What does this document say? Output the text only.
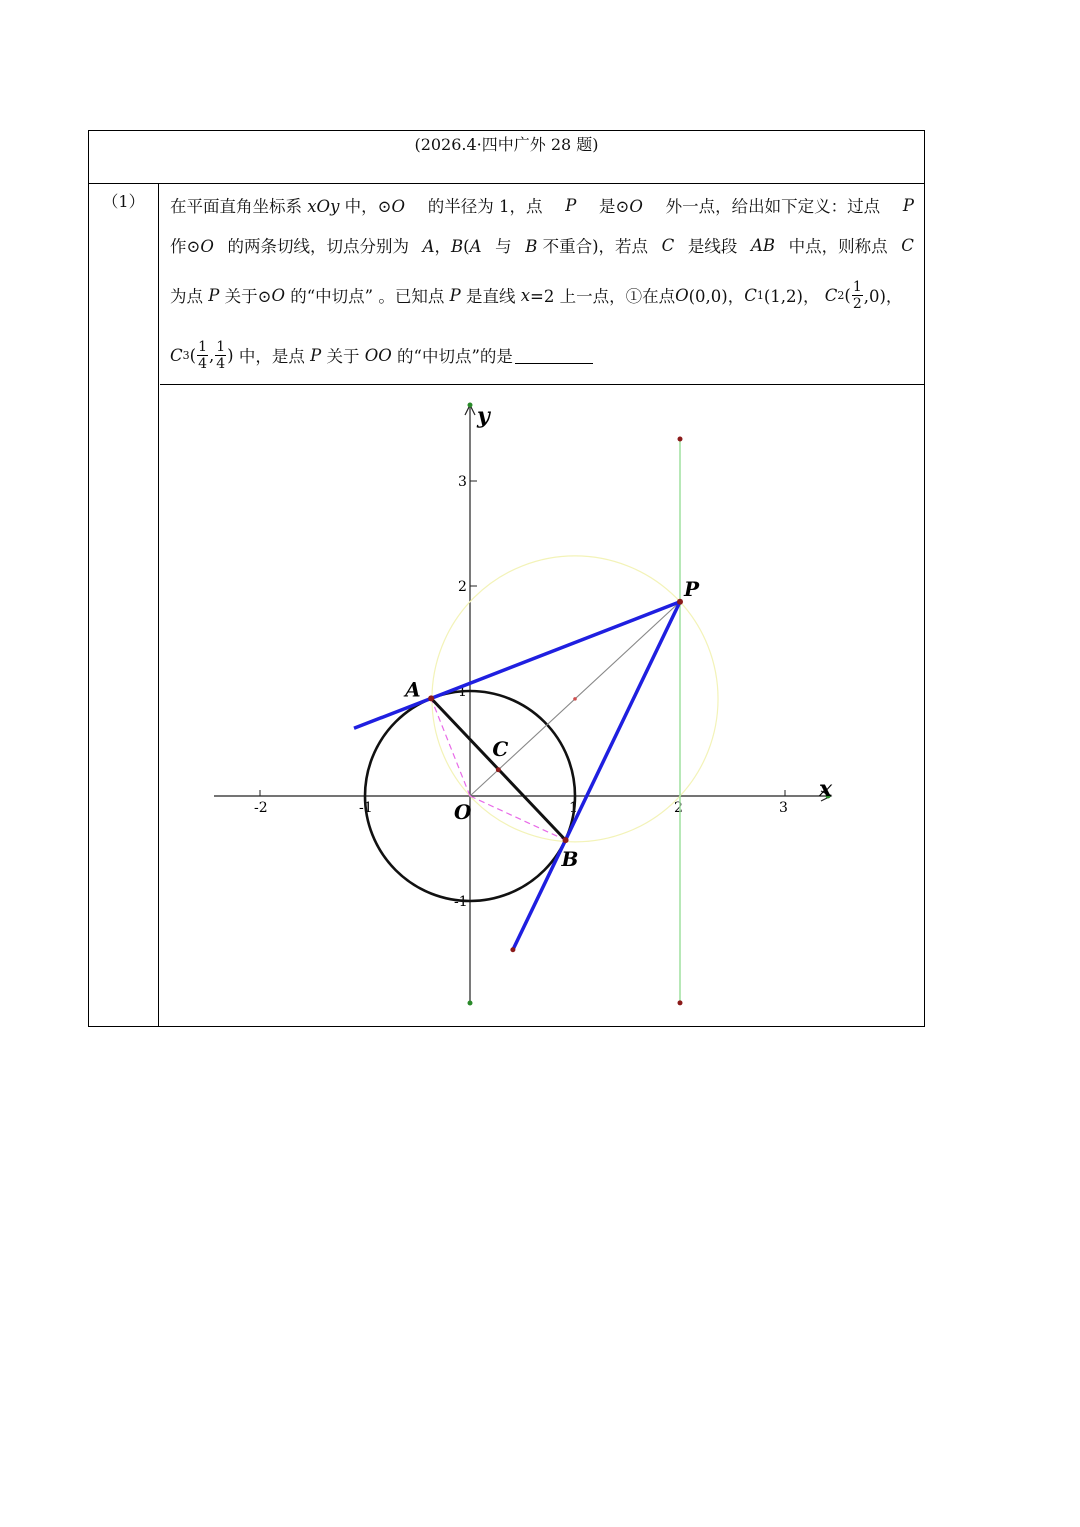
(2026.4·四中广外 28 题)
（1）	在平面直角坐标系 xOy 中，⊙O 的半径为 1，点 P 是⊙O 外一点，给出如下定义：过点 P
作⊙O 的两条切线，切点分别为 A，B(A 与 B 不重合)，若点 C 是线段 AB 中点，则称点 C
为点
P
关于⊙ O
的“中切点” 。已知点
P
是直线
x =2 上一点，①在点 O (0,0)， C 1 (1,2)，
C 2 ( $\frac{1}{2} ,0$)，
C 3 ( $\frac{1}{4}$ , $\frac{1}{4}$ )
中，是点
P
关于
OO
的“中切点”的是
-2	-1	1	2	3
3
2
1
-1
y
x
P
A
B
C
O
